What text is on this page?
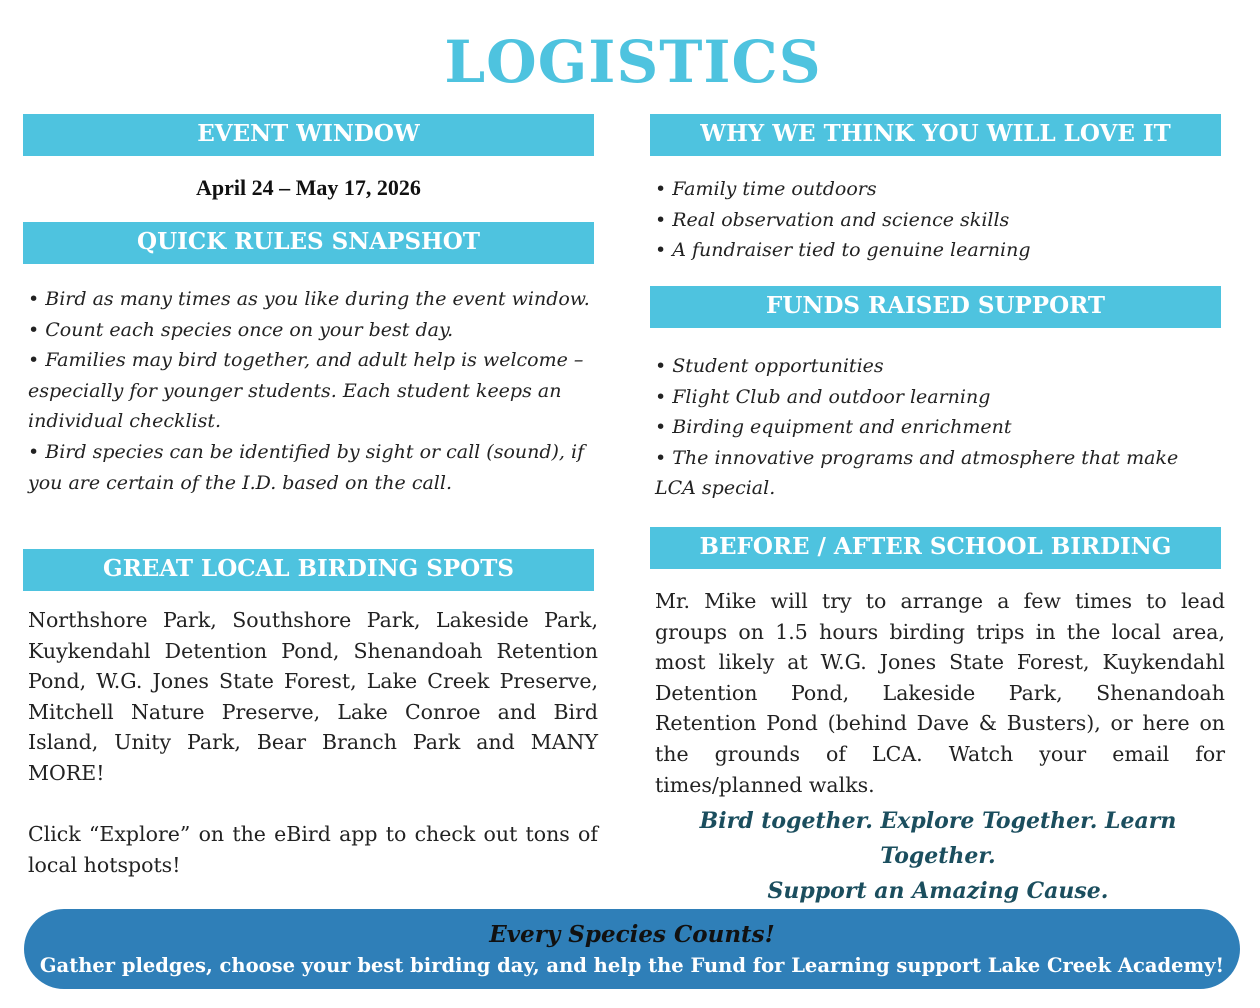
LOGISTICS
EVENT WINDOW
April 24 – May 17, 2026
QUICK RULES SNAPSHOT
• Bird as many times as you like during the event window.
• Count each species once on your best day.
• Families may bird together, and adult help is welcome – especially for younger students. Each student keeps an individual checklist.
• Bird species can be identified by sight or call (sound), if you are certain of the I.D. based on the call.
GREAT LOCAL BIRDING SPOTS

Northshore Park, Southshore Park, Lakeside Park, Kuykendahl Detention Pond, Shenandoah Retention Pond, W.G. Jones State Forest, Lake Creek Preserve, Mitchell Nature Preserve, Lake Conroe and Bird Island, Unity Park, Bear Branch Park and MANY MORE!

Click “Explore” on the eBird app to check out tons of local hotspots!

WHY WE THINK YOU WILL LOVE IT
• Family time outdoors
• Real observation and science skills
• A fundraiser tied to genuine learning
FUNDS RAISED SUPPORT
• Student opportunities
• Flight Club and outdoor learning
• Birding equipment and enrichment
• The innovative programs and atmosphere that make LCA special.
BEFORE / AFTER SCHOOL BIRDING

Mr. Mike will try to arrange a few times to lead groups on 1.5 hours birding trips in the local area, most likely at W.G. Jones State Forest, Kuykendahl Detention Pond, Lakeside Park, Shenandoah Retention Pond (behind Dave & Busters), or here on the grounds of LCA. Watch your email for times/planned walks.

Bird together. Explore Together. Learn Together.
Support an Amazing Cause.

Every Species Counts!
Gather pledges, choose your best birding day, and help the Fund for Learning support Lake Creek Academy!
